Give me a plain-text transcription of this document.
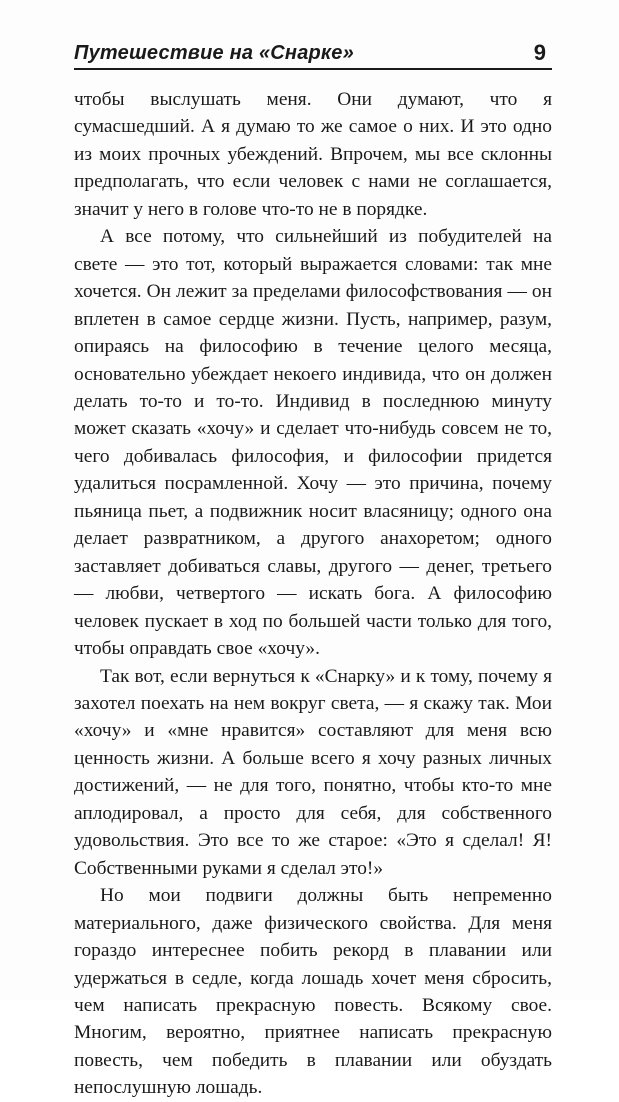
Путешествие на «Снарке»	9

чтобы выслушать меня. Они думают, что я сумасшедший. А я думаю то же самое о них. И это одно из моих прочных убеждений. Впрочем, мы все склонны предполагать, что если человек с нами не соглашается, значит у него в голове что-то не в порядке.

А все потому, что сильнейший из побудителей на свете — это тот, который выражается словами: так мне хочется. Он лежит за пределами философствования — он вплетен в самое сердце жизни. Пусть, например, разум, опираясь на философию в течение целого месяца, основательно убеждает некоего индивида, что он должен делать то-то и то-то. Индивид в последнюю минуту может сказать «хочу» и сделает что-нибудь совсем не то, чего добивалась философия, и философии придется удалиться посрамленной. Хочу — это причина, почему пьяница пьет, а подвижник носит власяницу; одного она делает развратником, а другого анахоретом; одного заставляет добиваться славы, другого — денег, третьего — любви, четвертого — искать бога. А философию человек пускает в ход по большей части только для того, чтобы оправдать свое «хочу».

Так вот, если вернуться к «Снарку» и к тому, почему я захотел поехать на нем вокруг света, — я скажу так. Мои «хочу» и «мне нравится» составляют для меня всю ценность жизни. А больше всего я хочу разных личных достижений, — не для того, понятно, чтобы кто-то мне аплодировал, а просто для себя, для собственного удовольствия. Это все то же старое: «Это я сделал! Я! Собственными руками я сделал это!»

Но мои подвиги должны быть непременно материального, даже физического свойства. Для меня гораздо интереснее побить рекорд в плавании или удержаться в седле, когда лошадь хочет меня сбросить, чем написать прекрасную повесть. Всякому свое. Многим, вероятно, приятнее написать прекрасную повесть, чем победить в плавании или обуздать непослушную лошадь.
